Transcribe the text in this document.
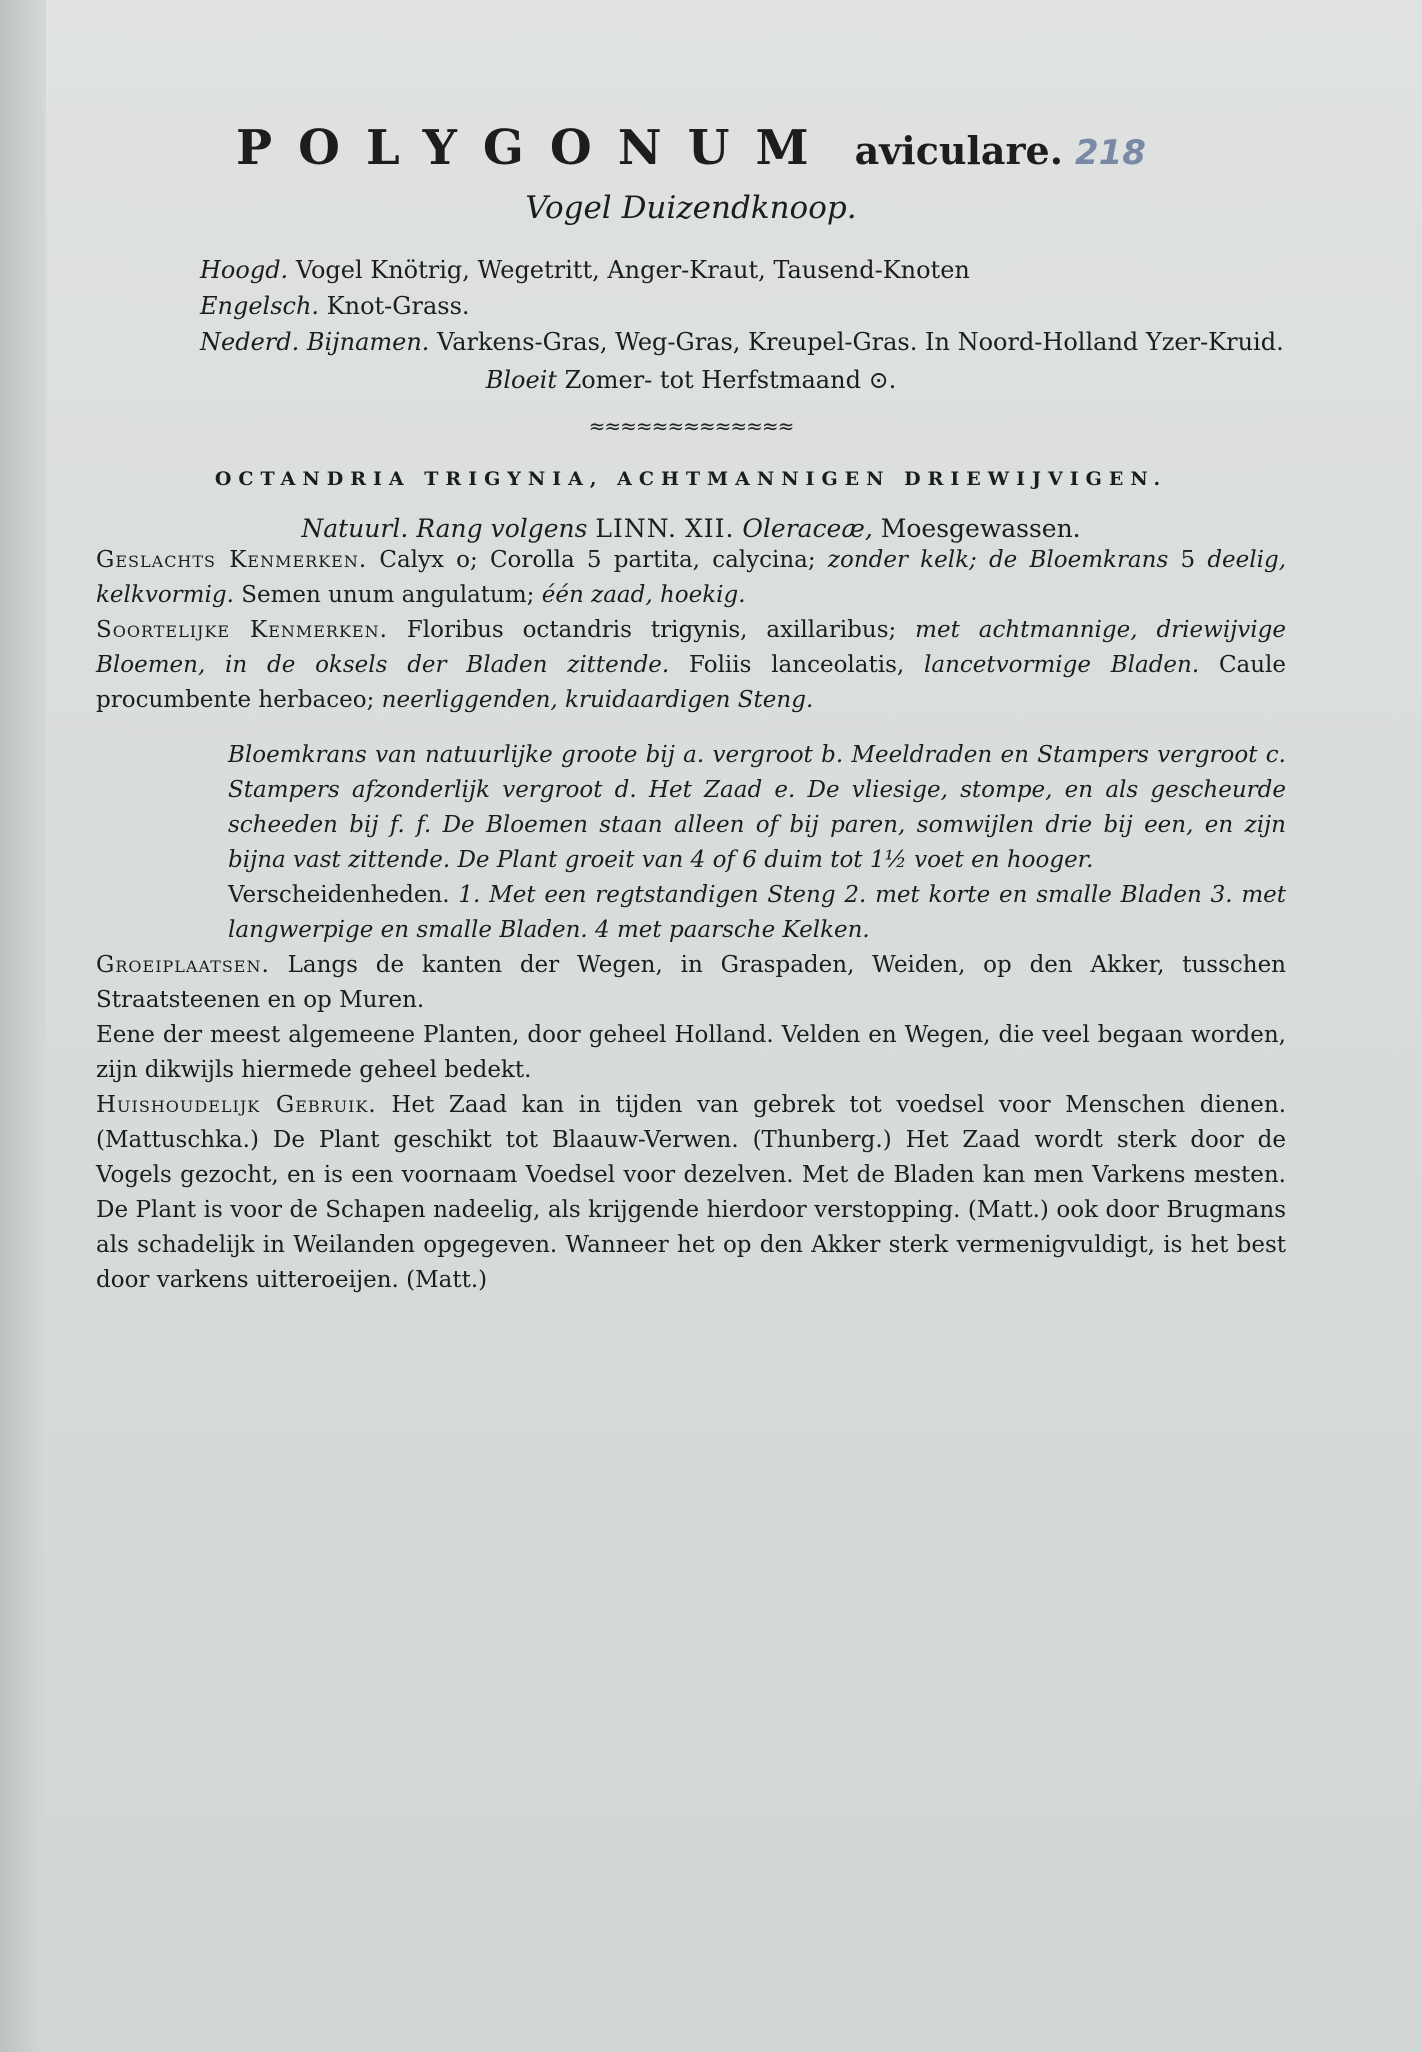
POLYGONUM aviculare. 218
Vogel Duizendknoop.
Hoogd. Vogel Knötrig, Wegetritt, Anger-Kraut, Tausend-Knoten
Engelsch. Knot-Grass.
Nederd. Bijnamen. Varkens-Gras, Weg-Gras, Kreupel-Gras. In Noord-Holland Yzer-Kruid.
Bloeit Zomer- tot Herfstmaand ⊙.
≈≈≈≈≈≈≈≈≈≈≈≈≈
OCTANDRIA TRIGYNIA, ACHTMANNIGEN DRIEWIJVIGEN.
Natuurl. Rang volgens LINN. XII. Oleraceæ, Moesgewassen.

Geslachts Kenmerken. Calyx o; Corolla 5 partita, calycina; zonder kelk; de Bloemkrans 5 deelig, kelkvormig. Semen unum angulatum; één zaad, hoekig.

Soortelijke Kenmerken. Floribus octandris trigynis, axillaribus; met achtmannige, driewijvige Bloemen, in de oksels der Bladen zittende. Foliis lanceolatis, lancetvormige Bladen. Caule procumbente herbaceo; neerliggenden, kruidaardigen Steng.

Bloemkrans van natuurlijke groote bij a. vergroot b. Meeldraden en Stampers vergroot c. Stampers afzonderlijk vergroot d. Het Zaad e. De vliesige, stompe, en als gescheurde scheeden bij f. f. De Bloemen staan alleen of bij paren, somwijlen drie bij een, en zijn bijna vast zittende. De Plant groeit van 4 of 6 duim tot 1½ voet en hooger.

Verscheidenheden. 1. Met een regtstandigen Steng 2. met korte en smalle Bladen 3. met langwerpige en smalle Bladen. 4 met paarsche Kelken.

Groeiplaatsen. Langs de kanten der Wegen, in Graspaden, Weiden, op den Akker, tusschen Straatsteenen en op Muren.

Eene der meest algemeene Planten, door geheel Holland. Velden en Wegen, die veel begaan worden, zijn dikwijls hiermede geheel bedekt.

Huishoudelijk Gebruik. Het Zaad kan in tijden van gebrek tot voedsel voor Menschen dienen. (Mattuschka.) De Plant geschikt tot Blaauw-Verwen. (Thunberg.) Het Zaad wordt sterk door de Vogels gezocht, en is een voornaam Voedsel voor dezelven. Met de Bladen kan men Varkens mesten. De Plant is voor de Schapen nadeelig, als krijgende hierdoor verstopping. (Matt.) ook door Brugmans als schadelijk in Weilanden opgegeven. Wanneer het op den Akker sterk vermenigvuldigt, is het best door varkens uitteroeijen. (Matt.)
